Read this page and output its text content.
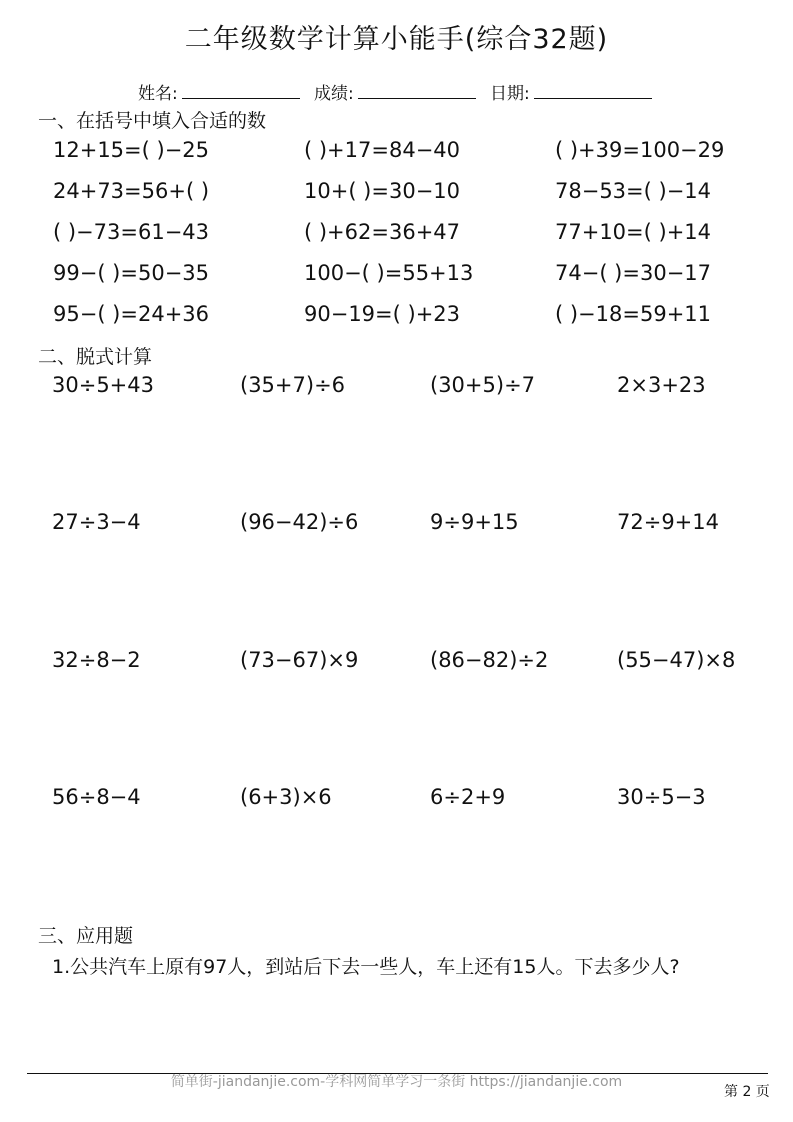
二年级数学计算小能手(综合32题)
姓名:	成绩:	日期:
一、在括号中填入合适的数
12+15=( )−25	( )+17=84−40	( )+39=100−29
24+73=56+( )	10+( )=30−10	78−53=( )−14
( )−73=61−43	( )+62=36+47	77+10=( )+14
99−( )=50−35	100−( )=55+13	74−( )=30−17
95−( )=24+36	90−19=( )+23	( )−18=59+11
二、脱式计算
30÷5+43	(35+7)÷6	(30+5)÷7	2×3+23
27÷3−4	(96−42)÷6	9÷9+15	72÷9+14
32÷8−2	(73−67)×9	(86−82)÷2	(55−47)×8
56÷8−4	(6+3)×6	6÷2+9	30÷5−3
三、应用题
1.公共汽车上原有97人，到站后下去一些人，车上还有15人。下去多少人?
简单街-jiandanjie.com-学科网简单学习一条街 https://jiandanjie.com
第 2 页
